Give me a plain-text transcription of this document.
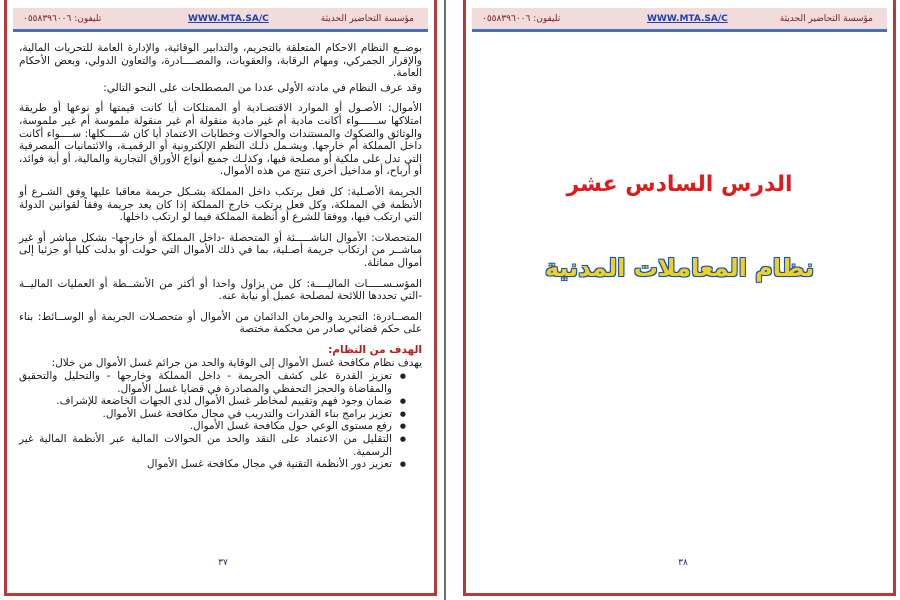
تليفون: ٠٥٥٨٣٩٦٠٠٦	WWW.MTA.SA/C	مؤسسة التحاضير الحديثة

بوضــع النظام الاحكام المتعلقة بالتجريم، والتدابير الوقائية، والإدارة العامة للتحريات المالية، والإقرار الجمركي، ومهام الرقابة، والعقوبات، والمصــــادرة، والتعاون الدولي، وبعض الأحكام العامة.

وقد عرف النظام في مادته الأولى عددا من المصطلحات على النحو التالي:

الأموال: الأصـول أو الموارد الاقتصـادية أو الممتلكات أيا كانت قيمتها أو نوعها أو طريقة امتلاكها ســــــواء أكانت مادية أم غير مادية منقولة أم غير منقولة ملموسة أم غير ملموسة، والوثائق والصكوك والمستندات والحوالات وخطابات الاعتماد أيا كان شـــــكلها: ســــواء أكانت داخل المملكة أم خارجها. ويشـمل ذلـك النظم الإلكترونية أو الرقميـة، والائتمانيات المصرفية التي تدل على ملكية أو مصلحة فيها، وكذلـك جميع أنواع الأوراق التجارية والمالية، أو أية فوائد، أو أرباح، أو مداخيل أخرى تنتج من هذه الأموال.

الجريمة الأصـلية: كل فعل يرتكب داخل المملكة يشـكل جريمة معاقبا عليها وفق الشـرع أو الأنظمة في المملكة، وكل فعل يرتكب خارج المملكة إذا كان يعد جريمة وفقاً لقوانين الدولة التي ارتكب فيها، ووفقا للشرع أو أنظمة المملكة فيما لو ارتكب داخلها.

المتحصلات: الأموال الناشـــــئة أو المتحصلة -داخل المملكة أو خارجها- بشكل مباشر أو غير مباشــر من ارتكاب جريمة أصـلية، بما في ذلك الأموال التي حولت أو بدلت كليا أو جزئيا إلى أموال مماثلة.

المؤسـســـــات الماليــــة: كل من يزاول واحدا أو أكثر من الأنشــطة أو العمليات الماليــة -التي تحددها اللائحة لمصلحة عميل أو نيابة عنه.

المصــادرة: التجريد والحرمان الدائمان من الأموال أو متحصـلات الجريمة أو الوســائط: بناء على حكم قضائي صادر من محكمة مختصة

الهدف من النظام:
يهدف نظام مكافحة غسل الأموال إلى الوقاية والحد من جرائم غسل الأموال من خلال:
● تعزيز القدرة على كشف الجريمة - داخل المملكة وخارجها - والتحليل والتحقيق والمقاضاة والحجز التحفظي والمصادرة في قضايا غسل الأموال.
● ضمان وجود فهم وتقييم لمخاطر غسل الأموال لدى الجهات الخاضعة للإشراف.
● تعزيز برامج بناء القدرات والتدريب في مجال مكافحة غسل الأموال.
● رفع مستوى الوعي حول مكافحة غسل الأموال.
● التقليل من الاعتماد على النقد والحد من الحوالات المالية عبر الأنظمة المالية غير الرسمية.
● تعزيز دور الأنظمة التقنية في مجال مكافحة غسل الأموال
٣٧
تليفون: ٠٥٥٨٣٩٦٠٠٦	WWW.MTA.SA/C	مؤسسة التحاضير الحديثة
الدرس السادس عشر
نظام المعاملات المدنية
٣٨
